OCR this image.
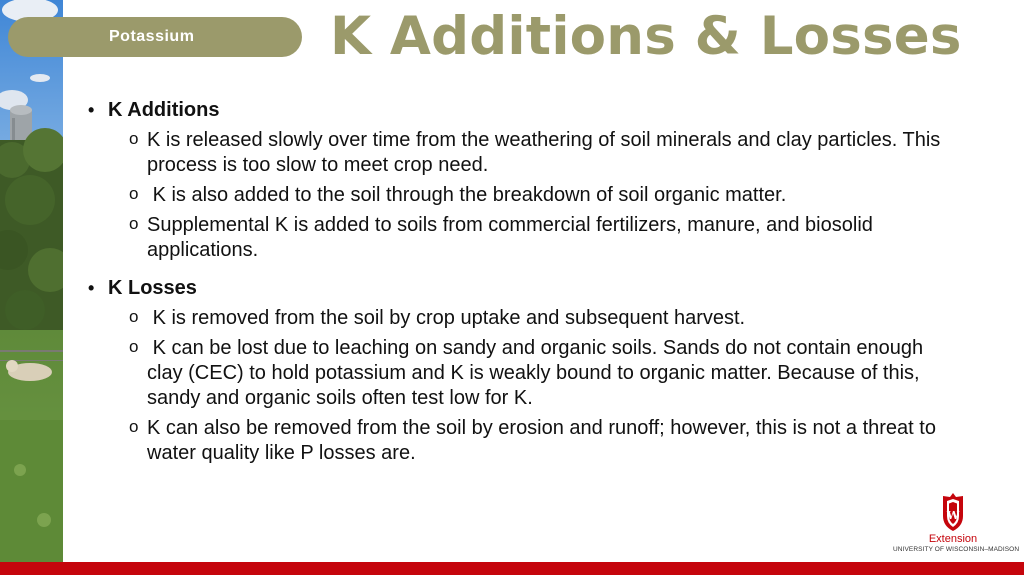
Potassium	K Additions & Losses
• K Additions
o K is released slowly over time from the weathering of soil minerals and clay particles. This process is too slow to meet crop need.
o K is also added to the soil through the breakdown of soil organic matter.
o Supplemental K is added to soils from commercial fertilizers, manure, and biosolid applications.
• K Losses
o K is removed from the soil by crop uptake and subsequent harvest.
o K can be lost due to leaching on sandy and organic soils. Sands do not contain enough clay (CEC) to hold potassium and K is weakly bound to organic matter. Because of this, sandy and organic soils often test low for K.
o K can also be removed from the soil by erosion and runoff; however, this is not a threat to water quality like P losses are.
W
Extension
UNIVERSITY OF WISCONSIN–MADISON
